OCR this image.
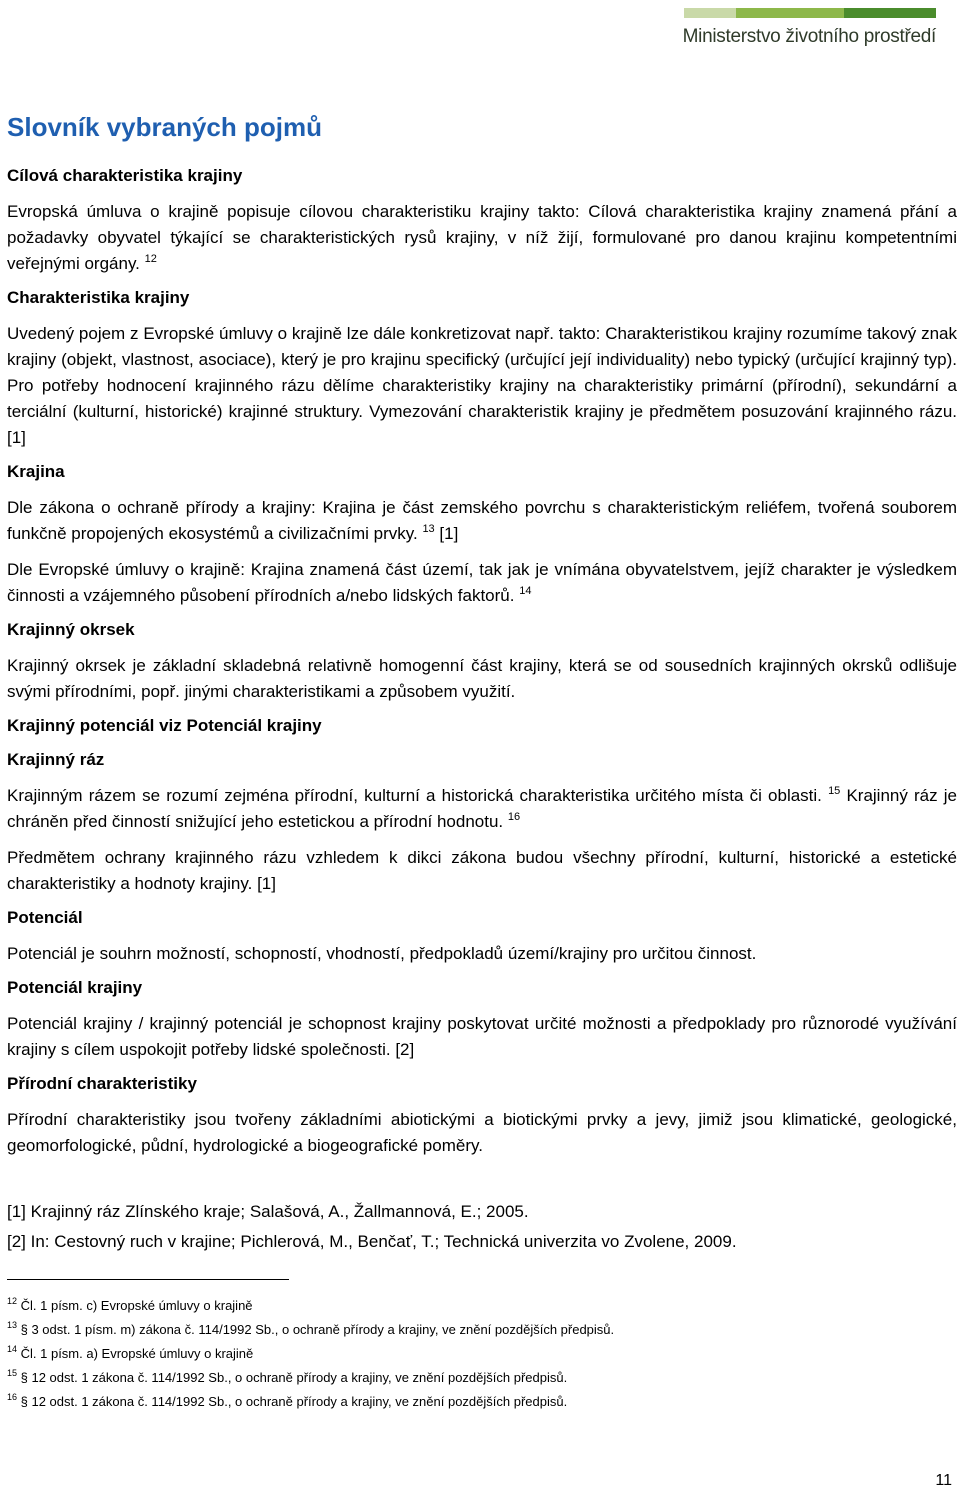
Ministerstvo životního prostředí
Slovník vybraných pojmů
Cílová charakteristika krajiny

Evropská úmluva o krajině popisuje cílovou charakteristiku krajiny takto: Cílová charakteristika krajiny znamená přání a požadavky obyvatel týkající se charakteristických rysů krajiny, v níž žijí, formulované pro danou krajinu kompetentními veřejnými orgány. $^{12}$

Charakteristika krajiny

Uvedený pojem z Evropské úmluvy o krajině lze dále konkretizovat např. takto: Charakteristikou krajiny rozumíme takový znak krajiny (objekt, vlastnost, asociace), který je pro krajinu specifický (určující její individuality) nebo typický (určující krajinný typ). Pro potřeby hodnocení krajinného rázu dělíme charakteristiky krajiny na charakteristiky primární (přírodní), sekundární a terciální (kulturní, historické) krajinné struktury. Vymezování charakteristik krajiny je předmětem posuzování krajinného rázu. [1]

Krajina

Dle zákona o ochraně přírody a krajiny: Krajina je část zemského povrchu s charakteristickým reliéfem, tvořená souborem funkčně propojených ekosystémů a civilizačními prvky. $^{13}$ [1]

Dle Evropské úmluvy o krajině: Krajina znamená část území, tak jak je vnímána obyvatelstvem, jejíž charakter je výsledkem činnosti a vzájemného působení přírodních a/nebo lidských faktorů. $^{14}$

Krajinný okrsek

Krajinný okrsek je základní skladebná relativně homogenní část krajiny, která se od sousedních krajinných okrsků odlišuje svými přírodními, popř. jinými charakteristikami a způsobem využití.

Krajinný potenciál viz Potenciál krajiny
Krajinný ráz

Krajinným rázem se rozumí zejména přírodní, kulturní a historická charakteristika určitého místa či oblasti. $^{15}$ Krajinný ráz je chráněn před činností snižující jeho estetickou a přírodní hodnotu. $^{16}$

Předmětem ochrany krajinného rázu vzhledem k dikci zákona budou všechny přírodní, kulturní, historické a estetické charakteristiky a hodnoty krajiny. [1]

Potenciál

Potenciál je souhrn možností, schopností, vhodností, předpokladů území/krajiny pro určitou činnost.

Potenciál krajiny

Potenciál krajiny / krajinný potenciál je schopnost krajiny poskytovat určité možnosti a předpoklady pro různorodé využívání krajiny s cílem uspokojit potřeby lidské společnosti. [2]

Přírodní charakteristiky

Přírodní charakteristiky jsou tvořeny základními abiotickými a biotickými prvky a jevy, jimiž jsou klimatické, geologické, geomorfologické, půdní, hydrologické a biogeografické poměry.

[1] Krajinný ráz Zlínského kraje; Salašová, A., Žallmannová, E.; 2005.
[2] In: Cestovný ruch v krajine; Pichlerová, M., Benčať, T.; Technická univerzita vo Zvolene, 2009.
$^{12}$ Čl. 1 písm. c) Evropské úmluvy o krajině
$^{13}$ § 3 odst. 1 písm. m) zákona č. 114/1992 Sb., o ochraně přírody a krajiny, ve znění pozdějších předpisů.
$^{14}$ Čl. 1 písm. a) Evropské úmluvy o krajině
$^{15}$ § 12 odst. 1 zákona č. 114/1992 Sb., o ochraně přírody a krajiny, ve znění pozdějších předpisů.
$^{16}$ § 12 odst. 1 zákona č. 114/1992 Sb., o ochraně přírody a krajiny, ve znění pozdějších předpisů.
11
